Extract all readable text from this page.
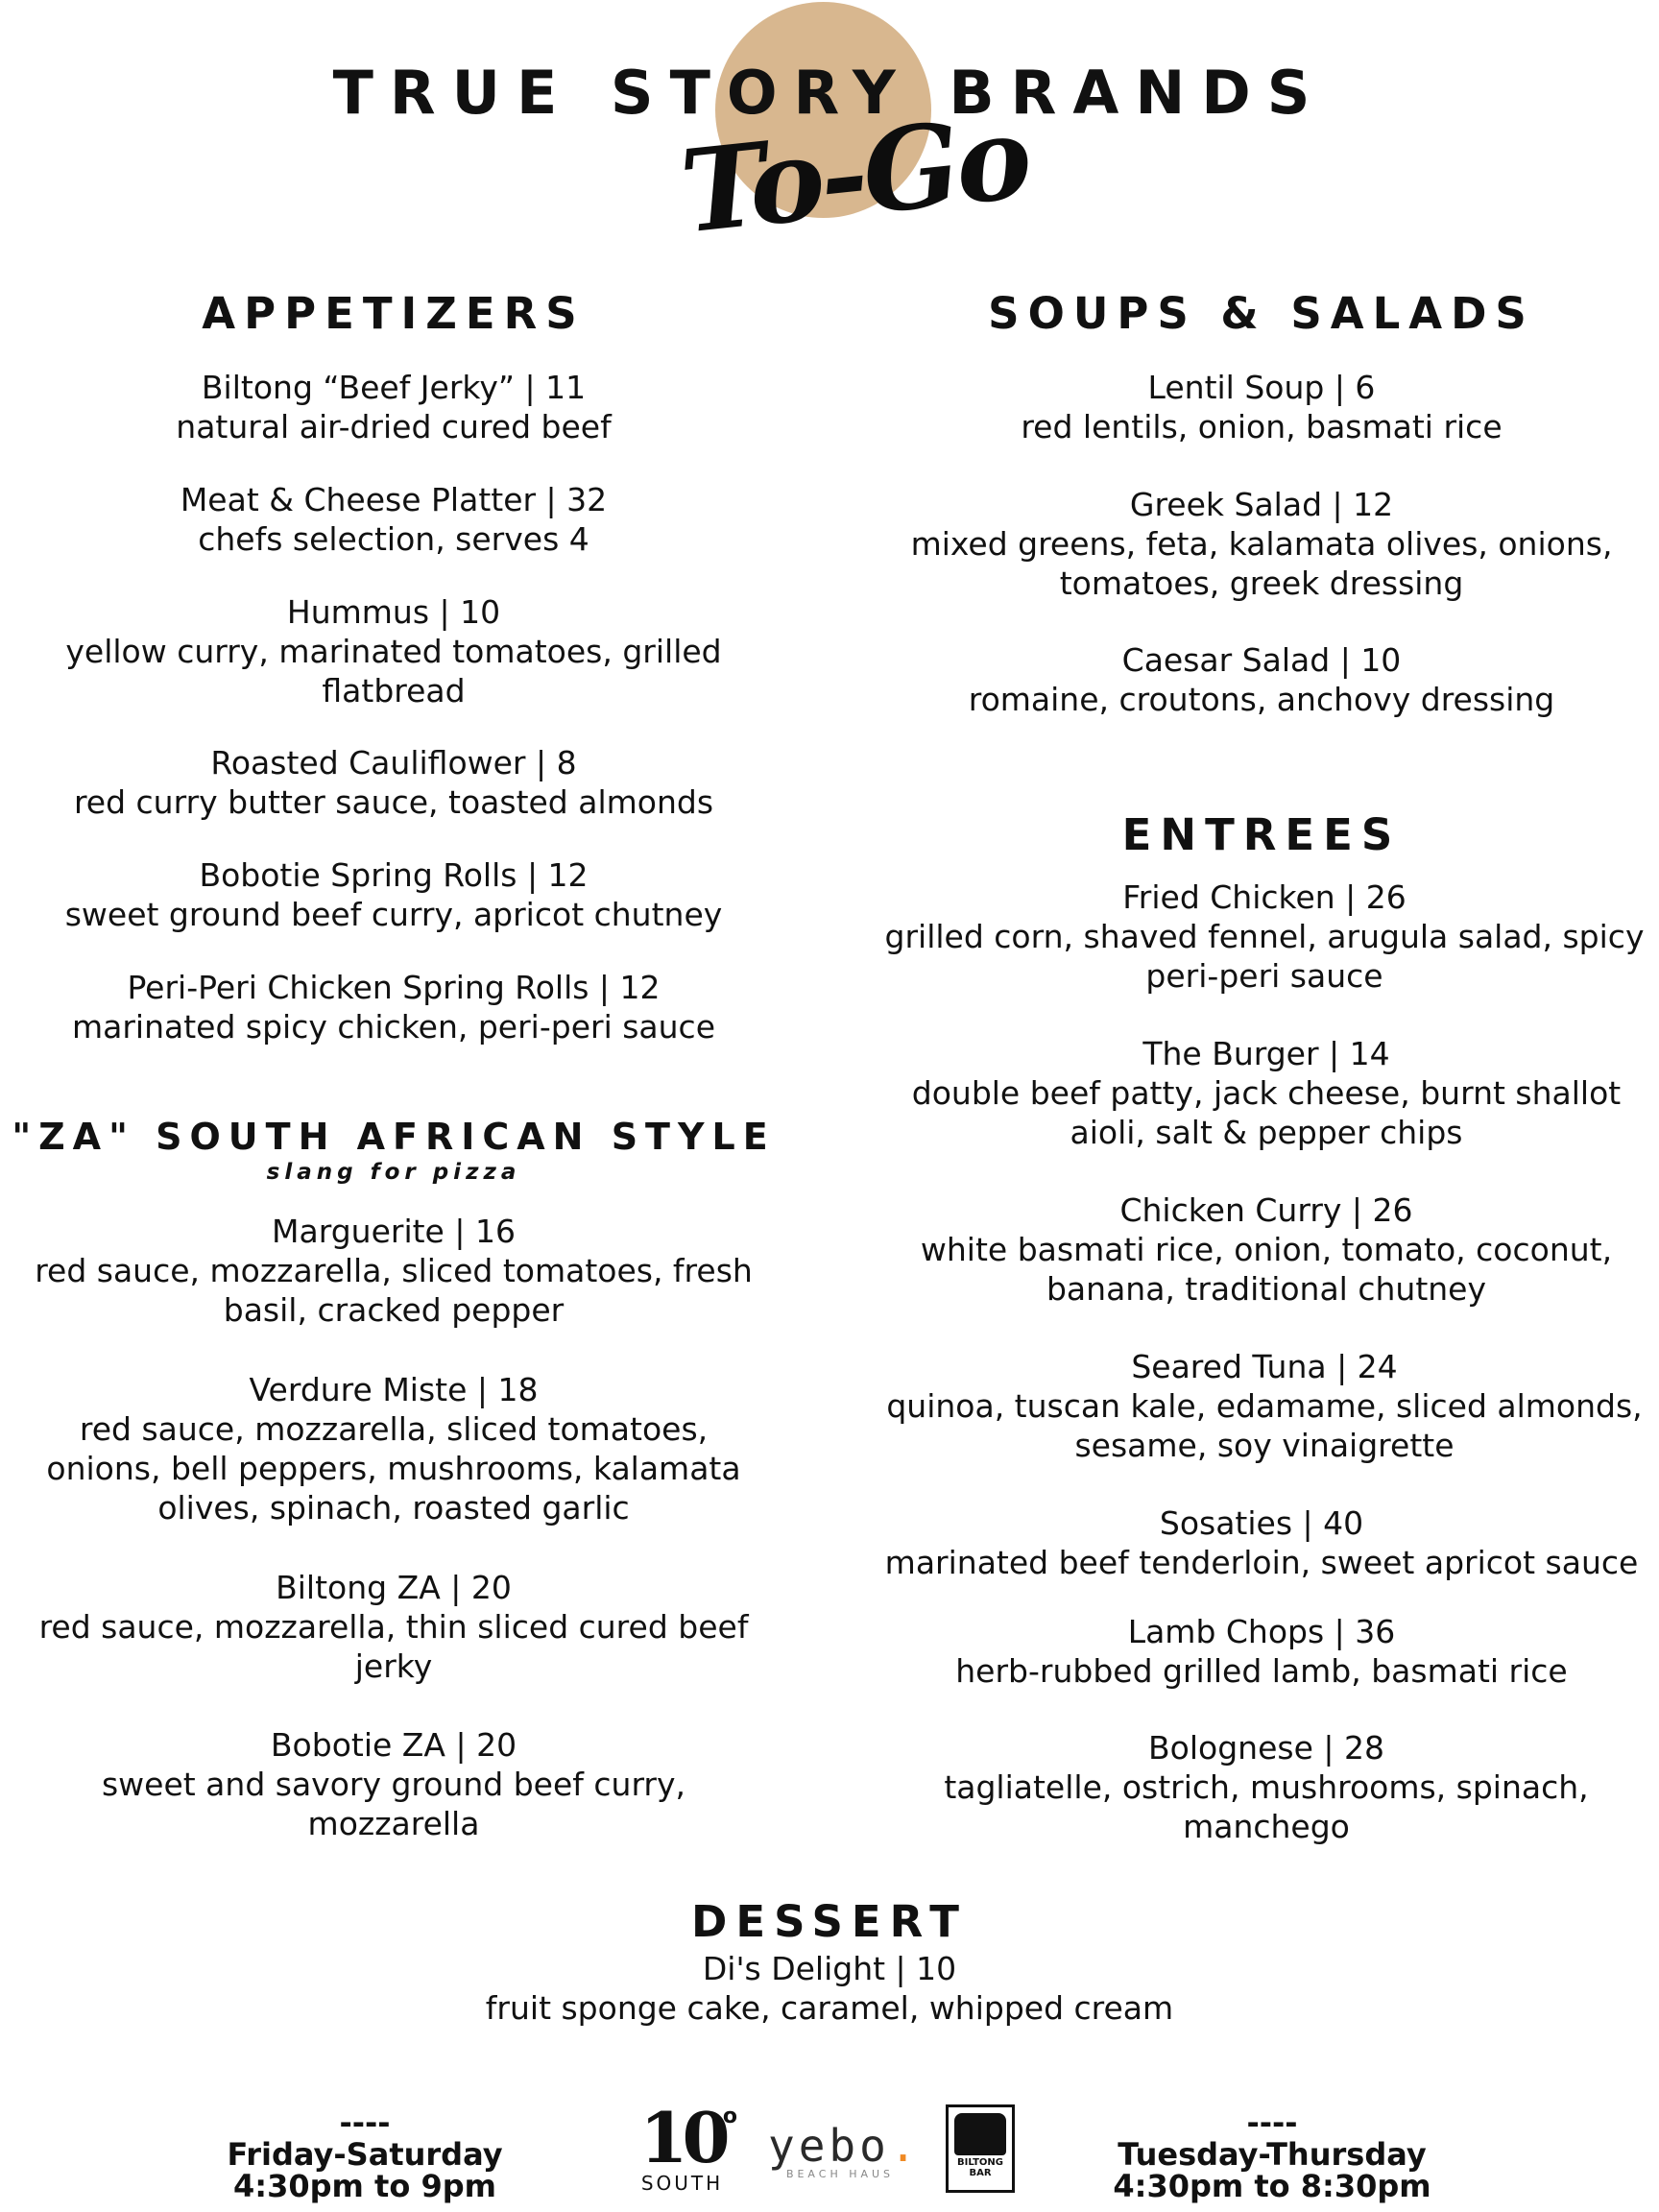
TRUE STORY BRANDS
To-Go
APPETIZERS
Biltong “Beef Jerky” | 11
natural air-dried cured beef
Meat & Cheese Platter | 32
chefs selection, serves 4
Hummus | 10
yellow curry, marinated tomatoes, grilled flatbread
Roasted Cauliflower | 8
red curry butter sauce, toasted almonds
Bobotie Spring Rolls | 12
sweet ground beef curry, apricot chutney
Peri-Peri Chicken Spring Rolls | 12
marinated spicy chicken, peri-peri sauce
"ZA" SOUTH AFRICAN STYLE
slang for pizza
Marguerite | 16
red sauce, mozzarella, sliced tomatoes, fresh basil, cracked pepper
Verdure Miste | 18
red sauce, mozzarella, sliced tomatoes, onions, bell peppers, mushrooms, kalamata olives, spinach, roasted garlic
Biltong ZA | 20
red sauce, mozzarella, thin sliced cured beef jerky
Bobotie ZA | 20
sweet and savory ground beef curry, mozzarella
SOUPS & SALADS
Lentil Soup | 6
red lentils, onion, basmati rice
Greek Salad | 12
mixed greens, feta, kalamata olives, onions, tomatoes, greek dressing
Caesar Salad | 10
romaine, croutons, anchovy dressing
ENTREES
Fried Chicken | 26
grilled corn, shaved fennel, arugula salad, spicy peri-peri sauce
The Burger | 14
double beef patty, jack cheese, burnt shallot aioli, salt & pepper chips
Chicken Curry | 26
white basmati rice, onion, tomato, coconut, banana, traditional chutney
Seared Tuna | 24
quinoa, tuscan kale, edamame, sliced almonds, sesame, soy vinaigrette
Sosaties | 40
marinated beef tenderloin, sweet apricot sauce
Lamb Chops | 36
herb-rubbed grilled lamb, basmati rice
Bolognese | 28
tagliatelle, ostrich, mushrooms, spinach, manchego
DESSERT
Di's Delight | 10
fruit sponge cake, caramel, whipped cream
----
Friday-Saturday
4:30pm to 9pm
10
o
SOUTH
yebo.
BEACH HAUS
BILTONG BAR
----
Tuesday-Thursday
4:30pm to 8:30pm
